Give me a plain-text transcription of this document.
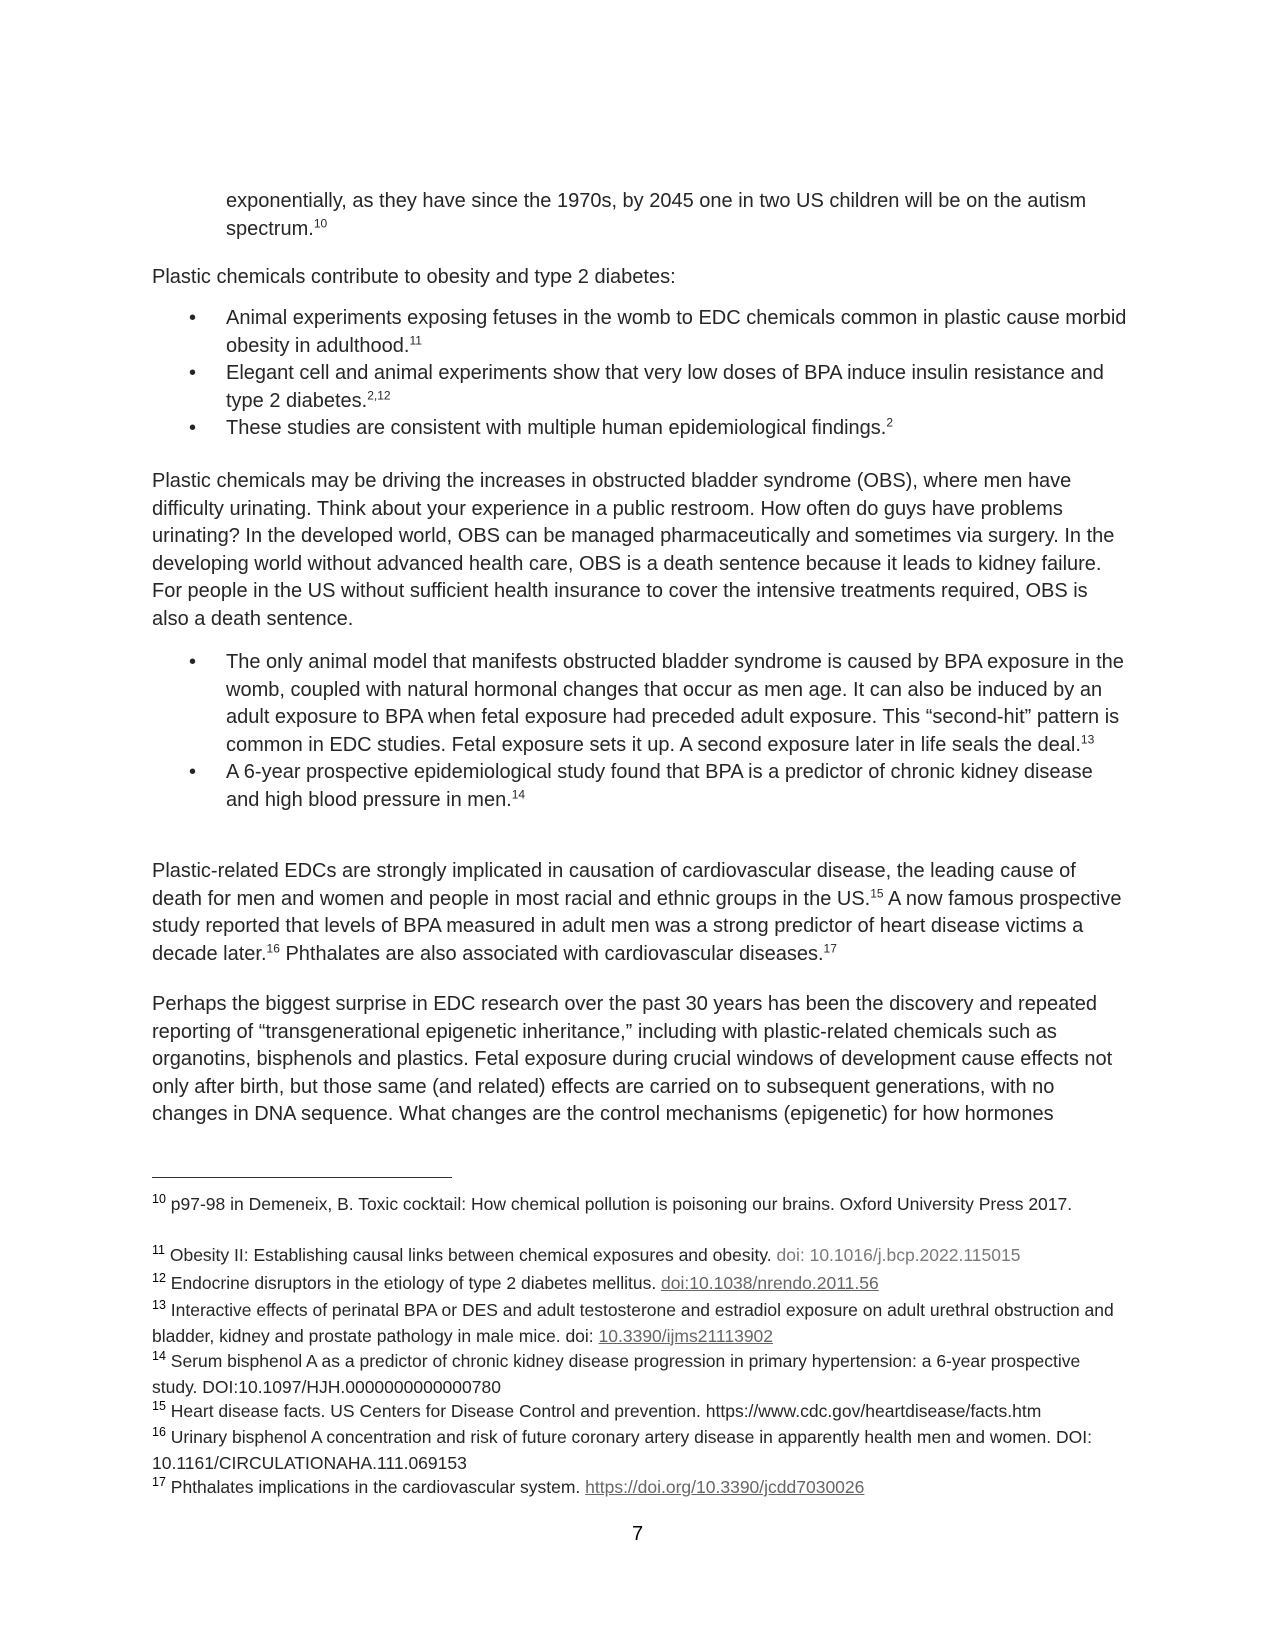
exponentially, as they have since the 1970s, by 2045 one in two US children will be on the autism spectrum.$^{10}$

Plastic chemicals contribute to obesity and type 2 diabetes:

• Animal experiments exposing fetuses in the womb to EDC chemicals common in plastic cause morbid obesity in adulthood.$^{11}$
• Elegant cell and animal experiments show that very low doses of BPA induce insulin resistance and type 2 diabetes.$^{2,12}$
• These studies are consistent with multiple human epidemiological findings.$^2$

Plastic chemicals may be driving the increases in obstructed bladder syndrome (OBS), where men have difficulty urinating. Think about your experience in a public restroom. How often do guys have problems urinating? In the developed world, OBS can be managed pharmaceutically and sometimes via surgery. In the developing world without advanced health care, OBS is a death sentence because it leads to kidney failure. For people in the US without sufficient health insurance to cover the intensive treatments required, OBS is also a death sentence.

• The only animal model that manifests obstructed bladder syndrome is caused by BPA exposure in the womb, coupled with natural hormonal changes that occur as men age. It can also be induced by an adult exposure to BPA when fetal exposure had preceded adult exposure. This “second-hit” pattern is common in EDC studies. Fetal exposure sets it up. A second exposure later in life seals the deal.$^{13}$
• A 6-year prospective epidemiological study found that BPA is a predictor of chronic kidney disease and high blood pressure in men.$^{14}$

Plastic-related EDCs are strongly implicated in causation of cardiovascular disease, the leading cause of death for men and women and people in most racial and ethnic groups in the US.$^{15}$ A now famous prospective study reported that levels of BPA measured in adult men was a strong predictor of heart disease victims a decade later.$^{16}$ Phthalates are also associated with cardiovascular diseases.$^{17}$

Perhaps the biggest surprise in EDC research over the past 30 years has been the discovery and repeated reporting of “transgenerational epigenetic inheritance,” including with plastic-related chemicals such as organotins, bisphenols and plastics. Fetal exposure during crucial windows of development cause effects not only after birth, but those same (and related) effects are carried on to subsequent generations, with no changes in DNA sequence. What changes are the control mechanisms (epigenetic) for how hormones

$^{10}$ p97-98 in Demeneix, B. Toxic cocktail: How chemical pollution is poisoning our brains. Oxford University Press 2017.
$^{11}$ Obesity II: Establishing causal links between chemical exposures and obesity. doi: 10.1016/j.bcp.2022.115015
$^{12}$ Endocrine disruptors in the etiology of type 2 diabetes mellitus. doi:10.1038/nrendo.2011.56
$^{13}$ Interactive effects of perinatal BPA or DES and adult testosterone and estradiol exposure on adult urethral obstruction and bladder, kidney and prostate pathology in male mice. doi: 10.3390/ijms21113902
$^{14}$ Serum bisphenol A as a predictor of chronic kidney disease progression in primary hypertension: a 6-year prospective study. DOI:10.1097/HJH.0000000000000780
$^{15}$ Heart disease facts. US Centers for Disease Control and prevention. https://www.cdc.gov/heartdisease/facts.htm
$^{16}$ Urinary bisphenol A concentration and risk of future coronary artery disease in apparently health men and women. DOI: 10.1161/CIRCULATIONAHA.111.069153
$^{17}$ Phthalates implications in the cardiovascular system. https://doi.org/10.3390/jcdd7030026
7
